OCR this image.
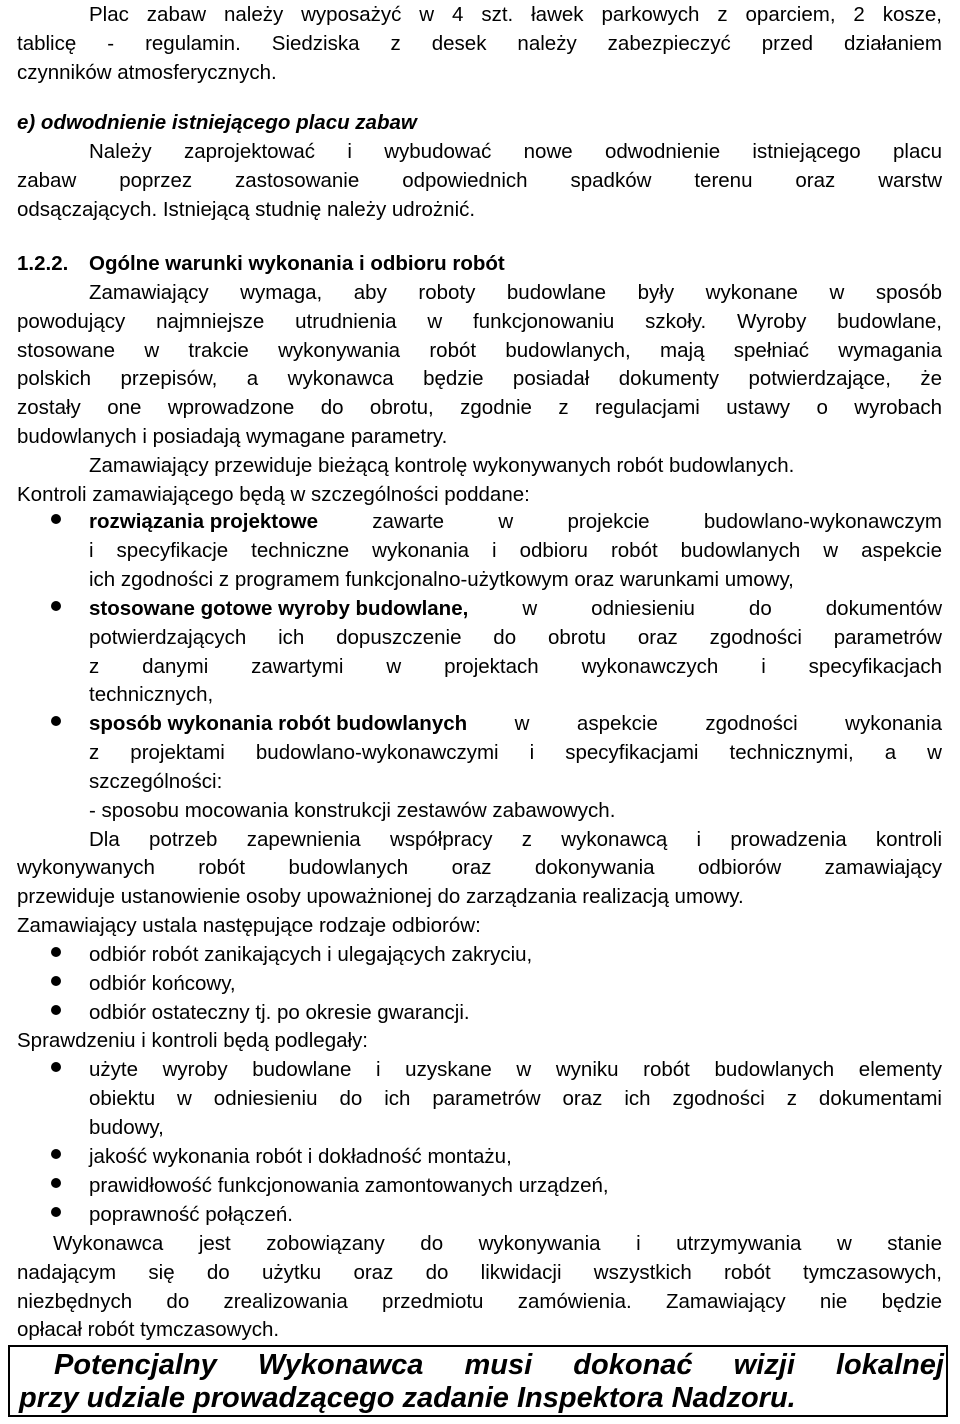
Plac zabaw należy wyposażyć w 4 szt. ławek parkowych z oparciem, 2 kosze,
tablicę - regulamin. Siedziska z desek należy zabezpieczyć przed działaniem
czynników atmosferycznych.
e) odwodnienie istniejącego placu zabaw
Należy zaprojektować i wybudować nowe odwodnienie istniejącego placu
zabaw poprzez zastosowanie odpowiednich spadków terenu oraz warstw
odsączających. Istniejącą studnię należy udrożnić.
1.2.2. Ogólne warunki wykonania i odbioru robót
Zamawiający wymaga, aby roboty budowlane były wykonane w sposób
powodujący najmniejsze utrudnienia w funkcjonowaniu szkoły. Wyroby budowlane,
stosowane w trakcie wykonywania robót budowlanych, mają spełniać wymagania
polskich przepisów, a wykonawca będzie posiadał dokumenty potwierdzające, że
zostały one wprowadzone do obrotu, zgodnie z regulacjami ustawy o wyrobach
budowlanych i posiadają wymagane parametry.
Zamawiający przewiduje bieżącą kontrolę wykonywanych robót budowlanych.
Kontroli zamawiającego będą w szczególności poddane:
rozwiązania projektowe zawarte w projekcie budowlano-wykonawczym
i specyfikacje techniczne wykonania i odbioru robót budowlanych w aspekcie
ich zgodności z programem funkcjonalno-użytkowym oraz warunkami umowy,
stosowane gotowe wyroby budowlane, w odniesieniu do dokumentów
potwierdzających ich dopuszczenie do obrotu oraz zgodności parametrów
z danymi zawartymi w projektach wykonawczych i specyfikacjach
technicznych,
sposób wykonania robót budowlanych w aspekcie zgodności wykonania
z projektami budowlano-wykonawczymi i specyfikacjami technicznymi, a w
szczególności:
- sposobu mocowania konstrukcji zestawów zabawowych.
Dla potrzeb zapewnienia współpracy z wykonawcą i prowadzenia kontroli
wykonywanych robót budowlanych oraz dokonywania odbiorów zamawiający
przewiduje ustanowienie osoby upoważnionej do zarządzania realizacją umowy.
Zamawiający ustala następujące rodzaje odbiorów:
odbiór robót zanikających i ulegających zakryciu,
odbiór końcowy,
odbiór ostateczny tj. po okresie gwarancji.
Sprawdzeniu i kontroli będą podlegały:
użyte wyroby budowlane i uzyskane w wyniku robót budowlanych elementy
obiektu w odniesieniu do ich parametrów oraz ich zgodności z dokumentami
budowy,
jakość wykonania robót i dokładność montażu,
prawidłowość funkcjonowania zamontowanych urządzeń,
poprawność połączeń.
Wykonawca jest zobowiązany do wykonywania i utrzymywania w stanie
nadającym się do użytku oraz do likwidacji wszystkich robót tymczasowych,
niezbędnych do zrealizowania przedmiotu zamówienia. Zamawiający nie będzie
opłacał robót tymczasowych.
Potencjalny Wykonawca musi dokonać wizji lokalnej
przy udziale prowadzącego zadanie Inspektora Nadzoru.
